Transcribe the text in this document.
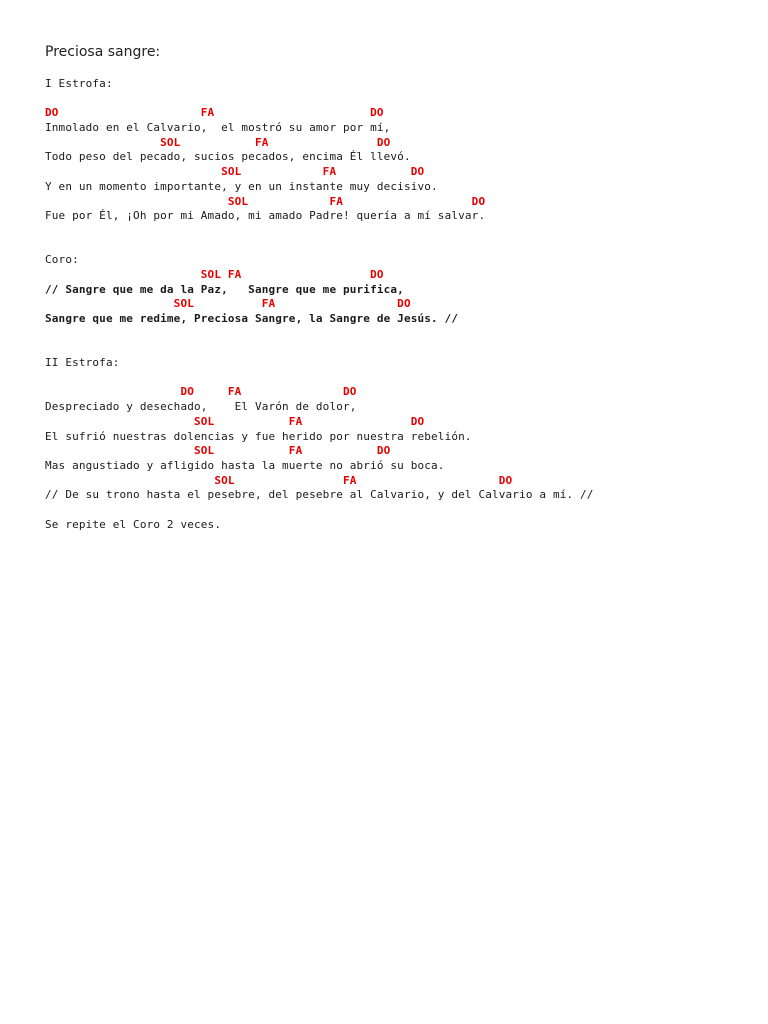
Preciosa sangre:
I Estrofa:
DO                     FA                       DO
Inmolado en el Calvario,  el mostró su amor por mí,
SOL           FA                DO
Todo peso del pecado, sucios pecados, encima Él llevó.
SOL            FA           DO
Y en un momento importante, y en un instante muy decisivo.
SOL            FA                   DO
Fue por Él, ¡Oh por mi Amado, mi amado Padre! quería a mí salvar.
Coro:
SOL FA                   DO
// Sangre que me da la Paz,   Sangre que me purifica,
SOL          FA                  DO
Sangre que me redime, Preciosa Sangre, la Sangre de Jesús. //
II Estrofa:
DO     FA               DO
Despreciado y desechado,    El Varón de dolor,
SOL           FA                DO
El sufrió nuestras dolencias y fue herido por nuestra rebelión.
SOL           FA           DO
Mas angustiado y afligido hasta la muerte no abrió su boca.
SOL                FA                     DO
// De su trono hasta el pesebre, del pesebre al Calvario, y del Calvario a mí. //
Se repite el Coro 2 veces.
